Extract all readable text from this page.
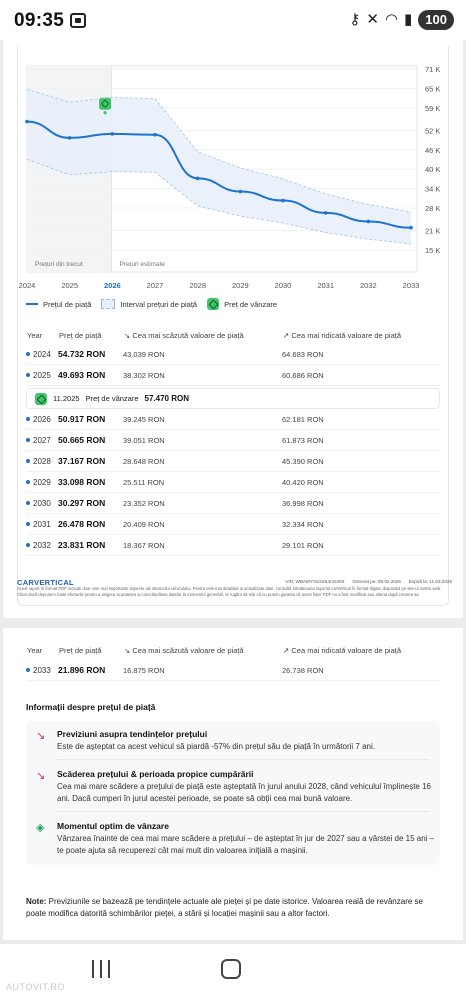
09:35	⚷ ✕ ◠ ▮	100
71 K
65 K
59 K
52 K
46 K
40 K
34 K
28 K
21 K
15 K
2024	2025	2026	2027	2028	2029	2030	2031	2032	2033
Prețuri din trecut	Prețuri estimate
Prețul de piață	Interval prețuri de piață	Preț de vânzare
Year Preț de piață	↘ Cea mai scăzută valoare de piață	↗ Cea mai ridicată valoare de piață
2024 54.732 RON 43.039 RON	64.683 RON
2025 49.693 RON 38.302 RON	60.686 RON
2026 50.917 RON 39.245 RON	62.181 RON
2027 50.665 RON 39.051 RON	61.873 RON
2028 37.167 RON 28.648 RON	45.390 RON
2029 33.098 RON 25.511 RON	40.420 RON
2030 30.297 RON 23.352 RON	36.998 RON
2031 26.478 RON 20.409 RON	32.334 RON
2032 23.831 RON 18.367 RON	29.101 RON
11.2025 Preț de vânzare 57.470 RON
CARVERTICAL	VIN: WBAWY31010LE15493 Generat pe: 09.02.2026 Expiră la: 11.03.2026
Acest raport în format PDF include doar cele mai importante aspecte ale istoricului vehiculului. Pentru cele mai detaliate și actualizate date, consultă întotdeauna raportul carVertical în format digital, disponibil pe site-ul nostru web. Chiar dacă depunem toate eforturile pentru a asigura acuratețea și corectitudinea datelor la momentul generării, te rugăm să reții că nu putem garanta că acest fișier PDF nu a fost modificat sau alterat după crearea sa.
Year Preț de piață	↘ Cea mai scăzută valoare de piață	↗ Cea mai ridicată valoare de piață
2033 21.896 RON 16.875 RON	26.738 RON
Informații despre prețul de piață
↘	Previziuni asupra tendințelor prețului
Este de așteptat ca acest vehicul să piardă -57% din prețul său de piață în următorii 7 ani.
↘	Scăderea prețului & perioada propice cumpărării
Cea mai mare scădere a prețului de piață este așteptată în jurul anului 2028, când vehiculul împlinește 16 ani. Dacă cumperi în jurul acestei perioade, se poate să obții cea mai bună valoare.
◈	Momentul optim de vânzare
Vânzarea înainte de cea mai mare scădere a prețului – de așteptat în jur de 2027 sau a vârstei de 15 ani – te poate ajuta să recuperezi cât mai mult din valoarea inițială a mașinii.
Note: Previziunile se bazează pe tendințele actuale ale pieței și pe date istorice. Valoarea reală de revânzare se poate modifica datorită schimbărilor pieței, a stării și locației mașinii sau a altor factori.
AUTOVIT.RO
